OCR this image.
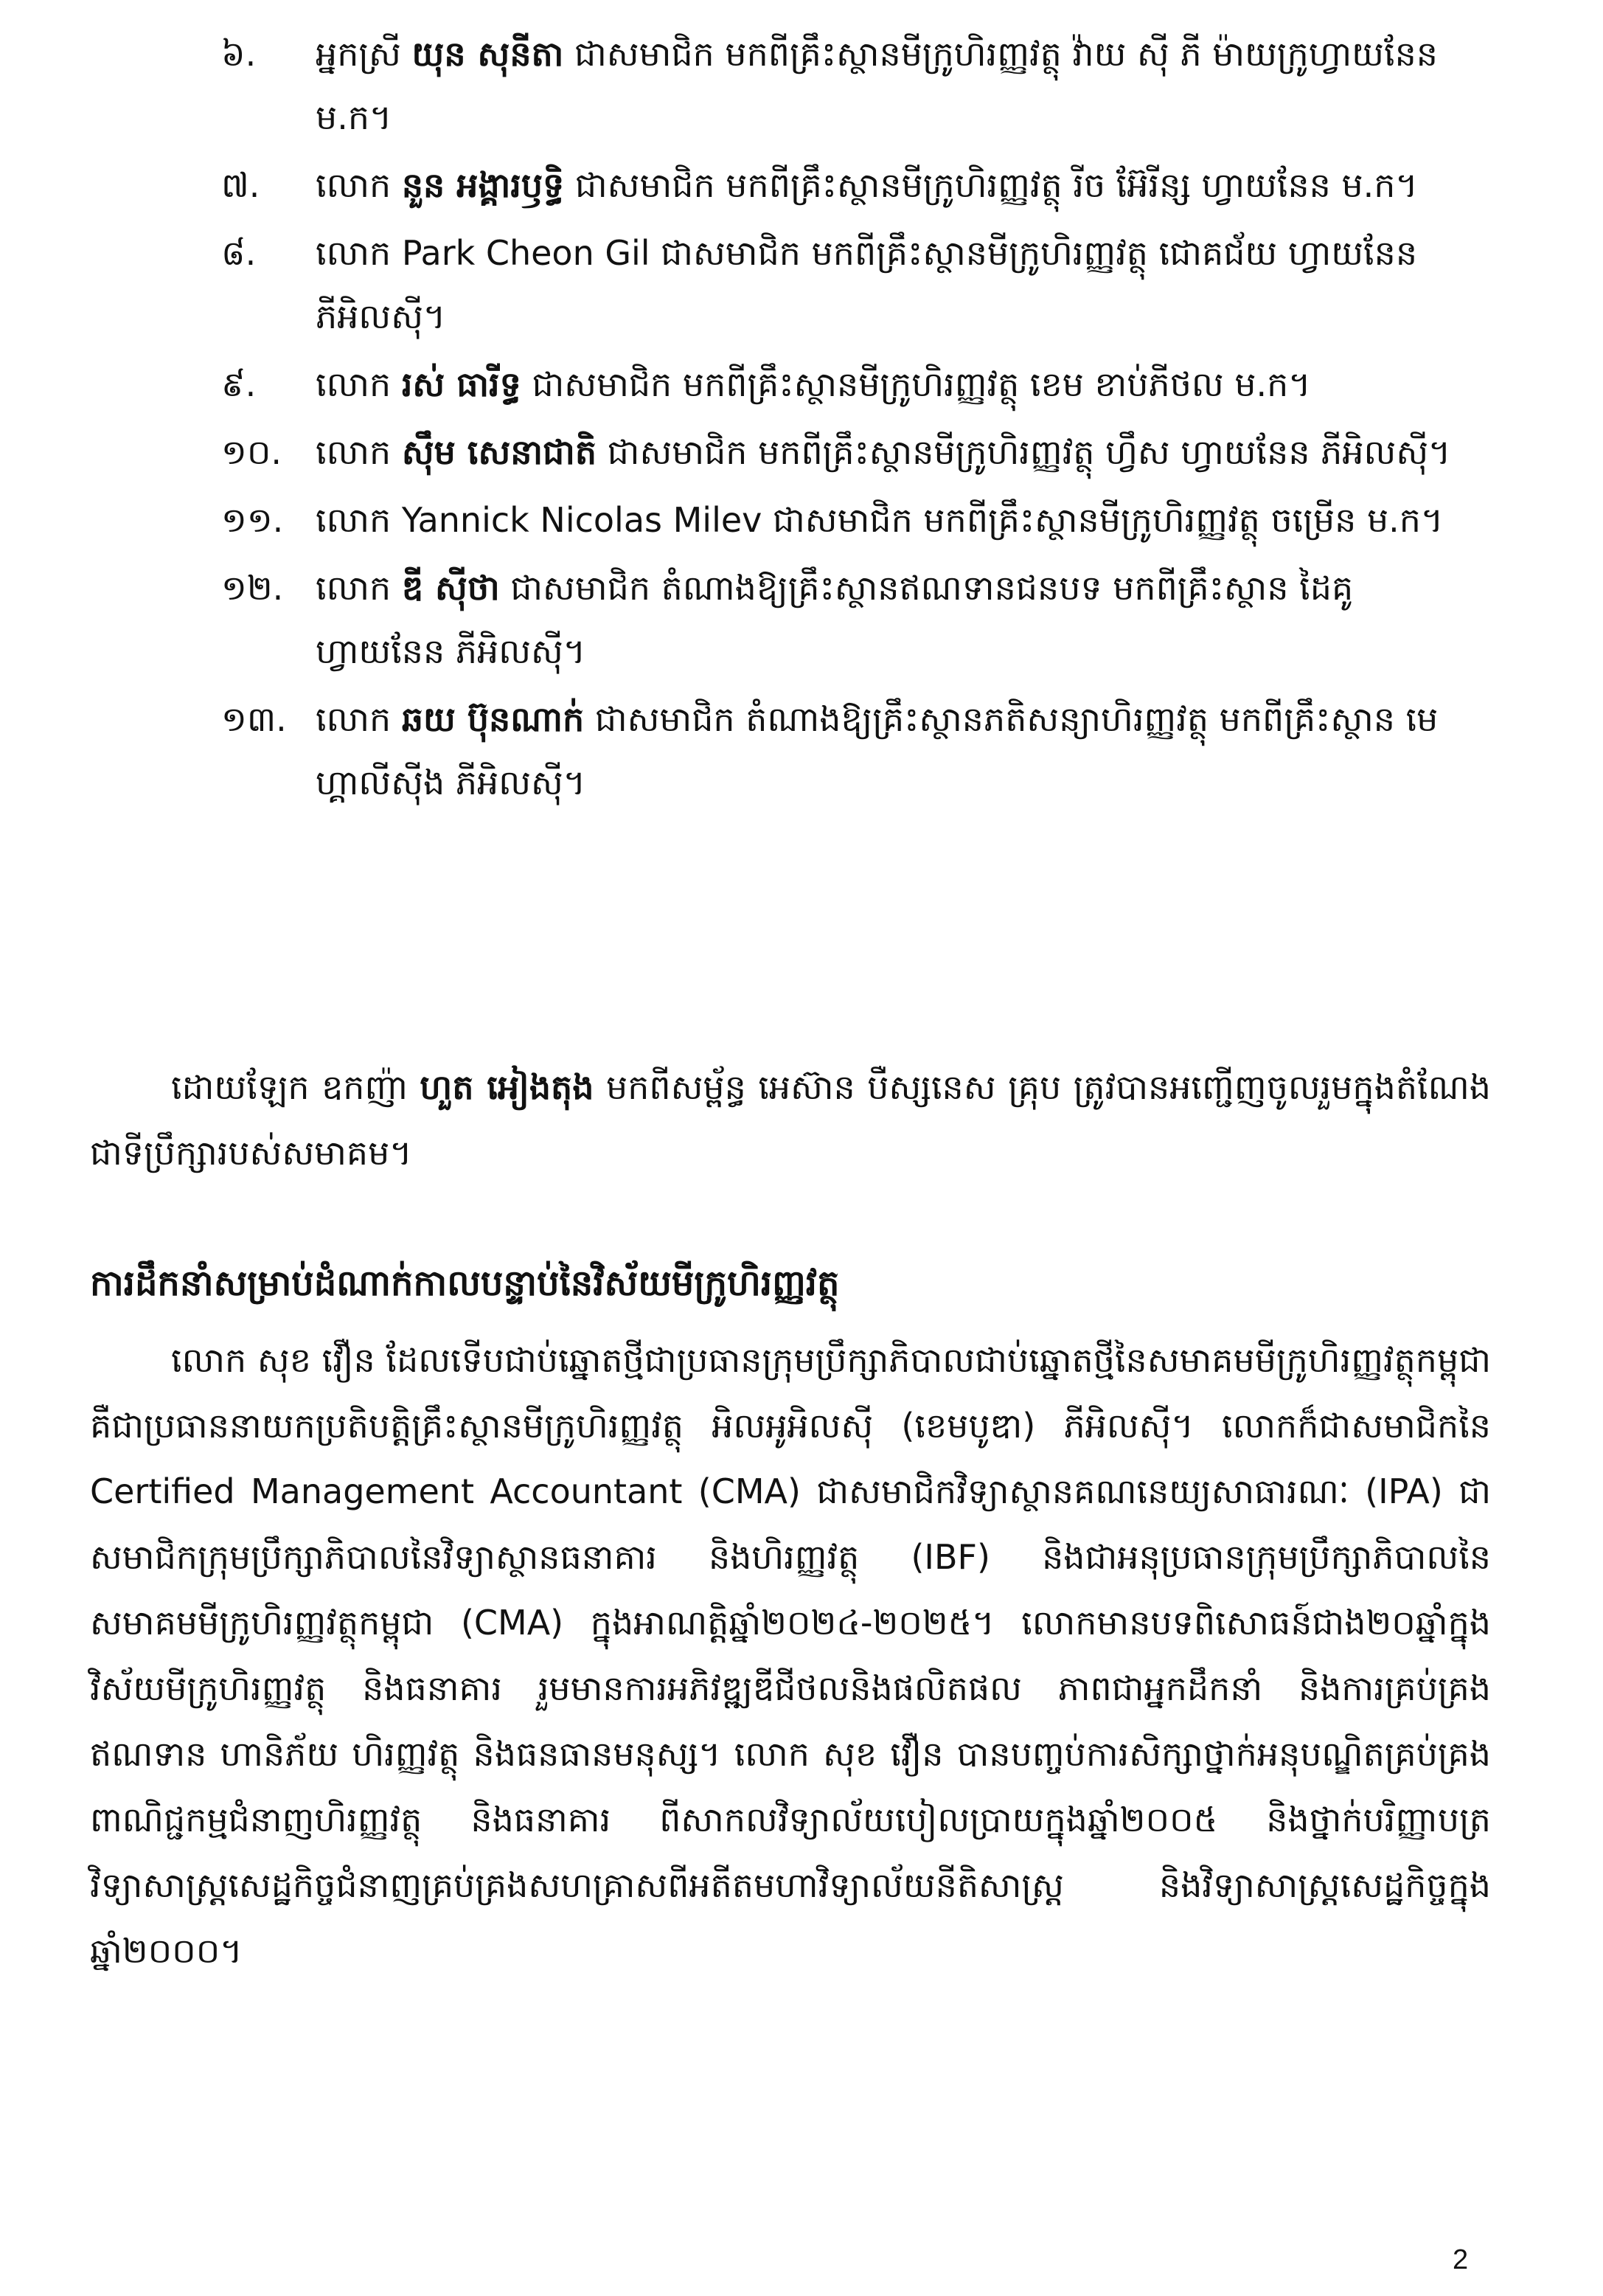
៦.	អ្នកស្រី យុន សុនីតា ជាសមាជិក មកពីគ្រឹះស្ថានមីក្រូហិរញ្ញវត្ថុ វ៉ាយ ស៊ី ភី ម៉ាយក្រូហ្វាយនែន ម.ក។
៧.	លោក នួន អង្គារឫទ្ធិ ជាសមាជិក មកពីគ្រឹះស្ថានមីក្រូហិរញ្ញវត្ថុ រីច អ៊ែរីន្ស ហ្វាយនែន ម.ក។
៨.	លោក Park Cheon Gil ជាសមាជិក មកពីគ្រឹះស្ថានមីក្រូហិរញ្ញវត្ថុ ជោគជ័យ ហ្វាយនែន ភីអិលស៊ី។
៩.	លោក រស់ ធារីទ្ធ ជាសមាជិក មកពីគ្រឹះស្ថានមីក្រូហិរញ្ញវត្ថុ ខេម ខាប់ភីថល ម.ក។
១០. លោក ស៊ឹម សេនាជាតិ ជាសមាជិក មកពីគ្រឹះស្ថានមីក្រូហិរញ្ញវត្ថុ ហ្វឹស ហ្វាយនែន ភីអិលស៊ី។
១១. លោក Yannick Nicolas Milev ជាសមាជិក មកពីគ្រឹះស្ថានមីក្រូហិរញ្ញវត្ថុ ចម្រើន ម.ក។
១២. លោក ឌី ស៊ីថា ជាសមាជិក តំណាងឱ្យគ្រឹះស្ថានឥណទានជនបទ មកពីគ្រឹះស្ថាន ដៃគូ ហ្វាយនែន ភីអិលស៊ី។
១៣. លោក ឆយ ប៊ុនណាក់ ជាសមាជិក តំណាងឱ្យគ្រឹះស្ថានភតិសន្យាហិរញ្ញវត្ថុ មកពីគ្រឹះស្ថាន មេហ្គាលីស៊ីង ភីអិលស៊ី។

ដោយឡែក ឧកញ៉ា ហួត អៀងតុង មកពីសម្ព័ន្ធ អេស៊ាន បឺស្សនេស គ្រុប ត្រូវបានអញ្ជើញចូលរួមក្នុងតំណែងជាទីប្រឹក្សារបស់សមាគម។

ការដឹកនាំសម្រាប់ដំណាក់កាលបន្ទាប់នៃវិស័យមីក្រូហិរញ្ញវត្ថុ

លោក សុខ វឿន ដែលទើបជាប់ឆ្នោតថ្មីជាប្រធានក្រុមប្រឹក្សាភិបាលជាប់ឆ្នោតថ្មីនៃសមាគមមីក្រូហិរញ្ញវត្ថុកម្ពុជា គឺជាប្រធាននាយកប្រតិបត្តិគ្រឹះស្ថានមីក្រូហិរញ្ញវត្ថុ អិលអូអិលស៊ី (ខេមបូឌា) ភីអិលស៊ី។ លោកក៏ជាសមាជិកនៃ Certified Management Accountant (CMA) ជាសមាជិកវិទ្យាស្ថានគណនេយ្យសាធារណៈ (IPA) ជាសមាជិកក្រុមប្រឹក្សាភិបាលនៃវិទ្យាស្ថានធនាគារ និងហិរញ្ញវត្ថុ (IBF) និងជាអនុប្រធានក្រុមប្រឹក្សាភិបាលនៃសមាគមមីក្រូហិរញ្ញវត្ថុកម្ពុជា (CMA) ក្នុងអាណត្តិឆ្នាំ២០២៤-២០២៥។ លោកមានបទពិសោធន៍ជាង២០ឆ្នាំក្នុងវិស័យមីក្រូហិរញ្ញវត្ថុ និងធនាគារ រួមមានការអភិវឌ្ឍឌីជីថលនិងផលិតផល ភាពជាអ្នកដឹកនាំ និងការគ្រប់គ្រងឥណទាន ហានិភ័យ ហិរញ្ញវត្ថុ និងធនធានមនុស្ស។ លោក សុខ វឿន បានបញ្ចប់ការសិក្សាថ្នាក់អនុបណ្ឌិតគ្រប់គ្រងពាណិជ្ជកម្មជំនាញហិរញ្ញវត្ថុ និងធនាគារ ពីសាកលវិទ្យាល័យបៀលប្រាយក្នុងឆ្នាំ២០០៥ និងថ្នាក់បរិញ្ញាបត្រវិទ្យាសាស្ត្រសេដ្ឋកិច្ចជំនាញគ្រប់គ្រងសហគ្រាសពីអតីតមហាវិទ្យាល័យនីតិសាស្ត្រ និងវិទ្យាសាស្ត្រសេដ្ឋកិច្ចក្នុងឆ្នាំ២០០០។

2
